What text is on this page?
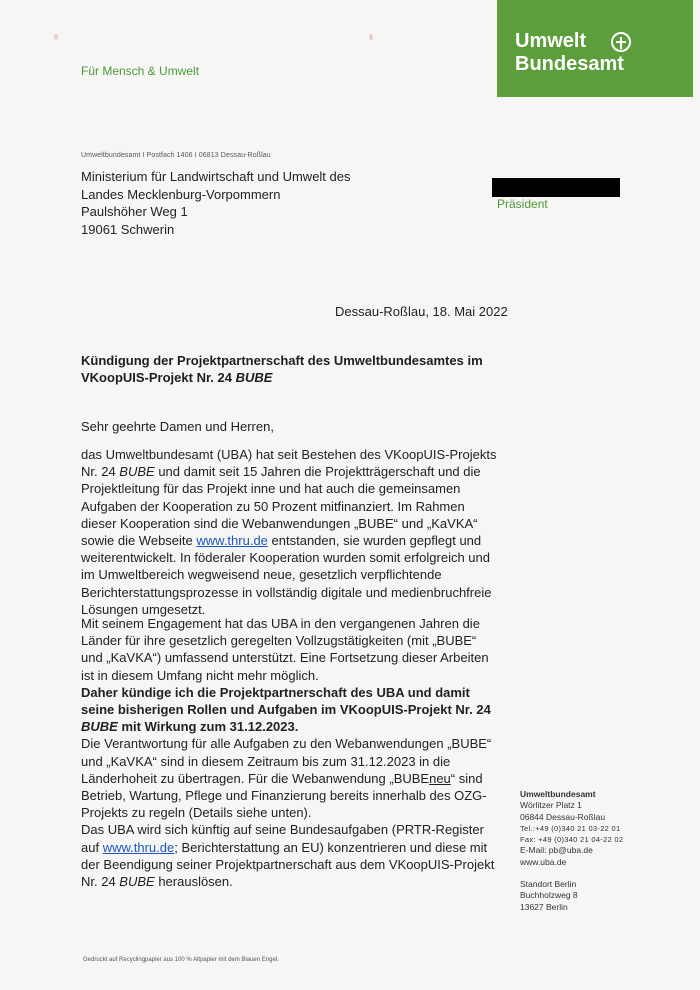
Für Mensch & Umwelt
Umwelt
Bundesamt
Umweltbundesamt I Postfach 1406 I 06813 Dessau-Roßlau
Ministerium für Landwirtschaft und Umwelt des
Landes Mecklenburg-Vorpommern
Paulshöher Weg 1
19061 Schwerin
Präsident
Dessau-Roßlau, 18. Mai 2022
Kündigung der Projektpartnerschaft des Umweltbundesamtes im VKoopUIS-Projekt Nr. 24 BUBE
Sehr geehrte Damen und Herren,
das Umweltbundesamt (UBA) hat seit Bestehen des VKoopUIS-Projekts Nr. 24 BUBE und damit seit 15 Jahren die Projektträgerschaft und die Projektleitung für das Projekt inne und hat auch die gemeinsamen Aufgaben der Kooperation zu 50 Prozent mitfinanziert. Im Rahmen dieser Kooperation sind die Webanwendungen „BUBE“ und „KaVKA“ sowie die Webseite www.thru.de entstanden, sie wurden gepflegt und weiterentwickelt. In föderaler Kooperation wurden somit erfolgreich und im Umweltbereich wegweisend neue, gesetzlich verpflichtende Berichterstattungsprozesse in vollständig digitale und medienbruchfreie Lösungen umgesetzt.
Mit seinem Engagement hat das UBA in den vergangenen Jahren die Länder für ihre gesetzlich geregelten Vollzugstätigkeiten (mit „BUBE“ und „KaVKA“) umfassend unterstützt. Eine Fortsetzung dieser Arbeiten ist in diesem Umfang nicht mehr möglich.
Daher kündige ich die Projektpartnerschaft des UBA und damit seine bisherigen Rollen und Aufgaben im VKoopUIS-Projekt Nr. 24 BUBE mit Wirkung zum 31.12.2023.
Die Verantwortung für alle Aufgaben zu den Webanwendungen „BUBE“ und „KaVKA“ sind in diesem Zeitraum bis zum 31.12.2023 in die Länderhoheit zu übertragen. Für die Webanwendung „BUBEneu“ sind Betrieb, Wartung, Pflege und Finanzierung bereits innerhalb des OZG-Projekts zu regeln (Details siehe unten).
Das UBA wird sich künftig auf seine Bundesaufgaben (PRTR-Register auf www.thru.de; Berichterstattung an EU) konzentrieren und diese mit der Beendigung seiner Projektpartnerschaft aus dem VKoopUIS-Projekt Nr. 24 BUBE herauslösen.
Umweltbundesamt
Wörlitzer Platz 1
06844 Dessau-Roßlau
Tel.:+49 (0)340 21 03-22 01
Fax: +49 (0)340 21 04-22 02
E-Mail: pb@uba.de
www.uba.de
Standort Berlin
Buchholzweg 8
13627 Berlin
Gedruckt auf Recyclingpapier aus 100 % Altpapier mit dem Blauen Engel.
